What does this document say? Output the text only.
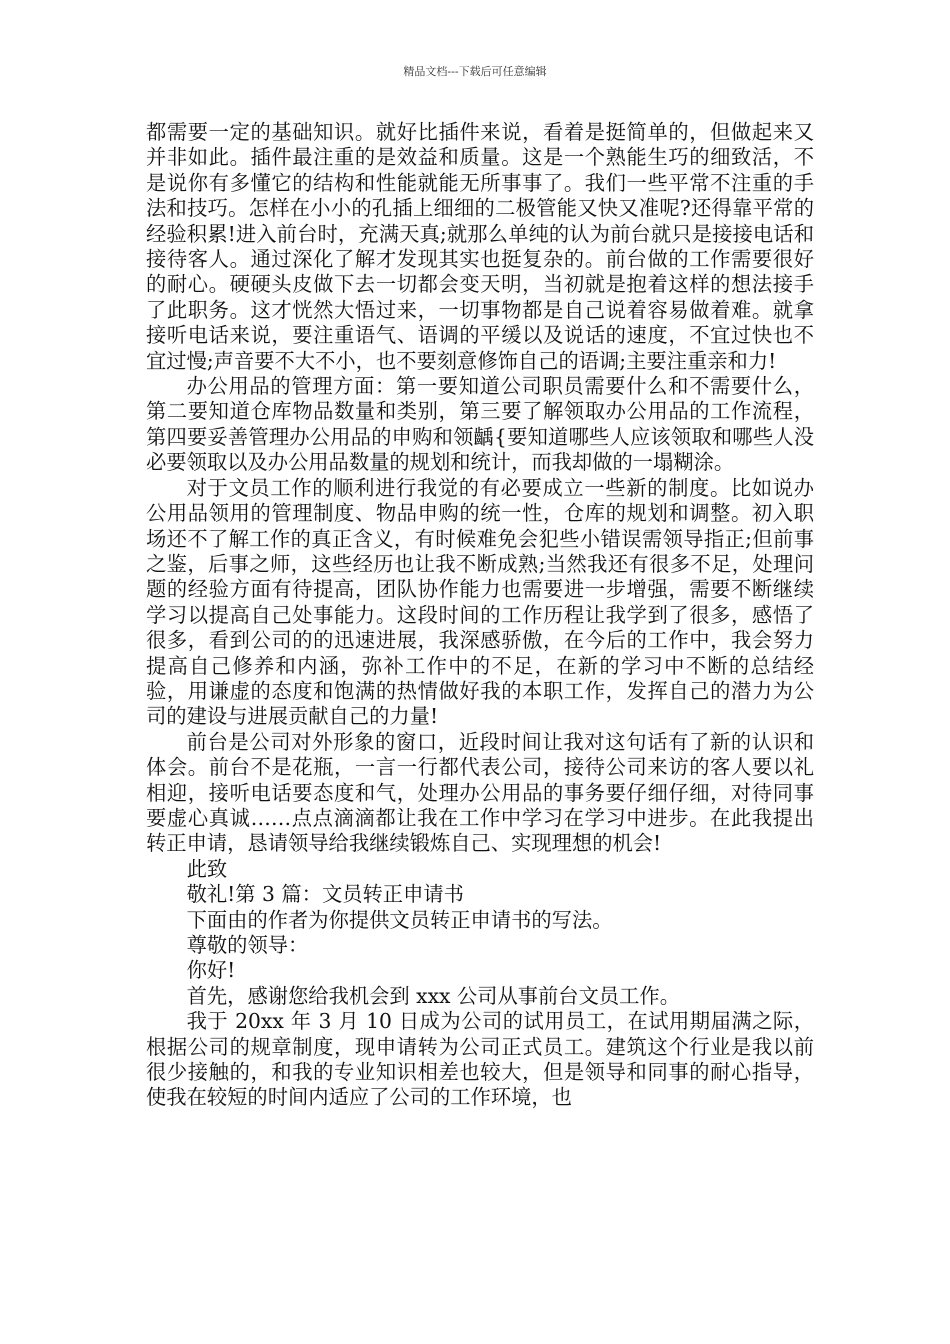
精品文档---下载后可任意编辑

都需要一定的基础知识。就好比插件来说，看着是挺简单的，但做起来又并非如此。插件最注重的是效益和质量。这是一个熟能生巧的细致活，不是说你有多懂它的结构和性能就能无所事事了。我们一些平常不注重的手法和技巧。怎样在小小的孔插上细细的二极管能又快又准呢?还得靠平常的经验积累!进入前台时，充满天真;就那么单纯的认为前台就只是接接电话和接待客人。通过深化了解才发现其实也挺复杂的。前台做的工作需要很好的耐心。硬硬头皮做下去一切都会变天明，当初就是抱着这样的想法接手了此职务。这才恍然大悟过来，一切事物都是自己说着容易做着难。就拿接听电话来说，要注重语气、语调的平缓以及说话的速度，不宜过快也不宜过慢;声音要不大不小，也不要刻意修饰自己的语调;主要注重亲和力!

办公用品的管理方面：第一要知道公司职员需要什么和不需要什么，第二要知道仓库物品数量和类别，第三要了解领取办公用品的工作流程，第四要妥善管理办公用品的申购和领齲{要知道哪些人应该领取和哪些人没必要领取以及办公用品数量的规划和统计，而我却做的一塌糊涂。

对于文员工作的顺利进行我觉的有必要成立一些新的制度。比如说办公用品领用的管理制度、物品申购的统一性，仓库的规划和调整。初入职场还不了解工作的真正含义，有时候难免会犯些小错误需领导指正;但前事之鉴，后事之师，这些经历也让我不断成熟;当然我还有很多不足，处理问题的经验方面有待提高，团队协作能力也需要进一步增强，需要不断继续学习以提高自己处事能力。这段时间的工作历程让我学到了很多，感悟了很多，看到公司的的迅速进展，我深感骄傲，在今后的工作中，我会努力提高自己修养和内涵，弥补工作中的不足，在新的学习中不断的总结经验，用谦虚的态度和饱满的热情做好我的本职工作，发挥自己的潜力为公司的建设与进展贡献自己的力量!

前台是公司对外形象的窗口，近段时间让我对这句话有了新的认识和体会。前台不是花瓶，一言一行都代表公司，接待公司来访的客人要以礼相迎，接听电话要态度和气，处理办公用品的事务要仔细仔细，对待同事要虚心真诚……点点滴滴都让我在工作中学习在学习中进步。在此我提出转正申请，恳请领导给我继续锻炼自己、实现理想的机会!

此致

敬礼!第 3 篇：文员转正申请书

下面由的作者为你提供文员转正申请书的写法。

尊敬的领导：

你好!

首先，感谢您给我机会到 xxx 公司从事前台文员工作。

我于 20xx 年 3 月 10 日成为公司的试用员工，在试用期届满之际，根据公司的规章制度，现申请转为公司正式员工。建筑这个行业是我以前很少接触的，和我的专业知识相差也较大，但是领导和同事的耐心指导，使我在较短的时间内适应了公司的工作环境，也
